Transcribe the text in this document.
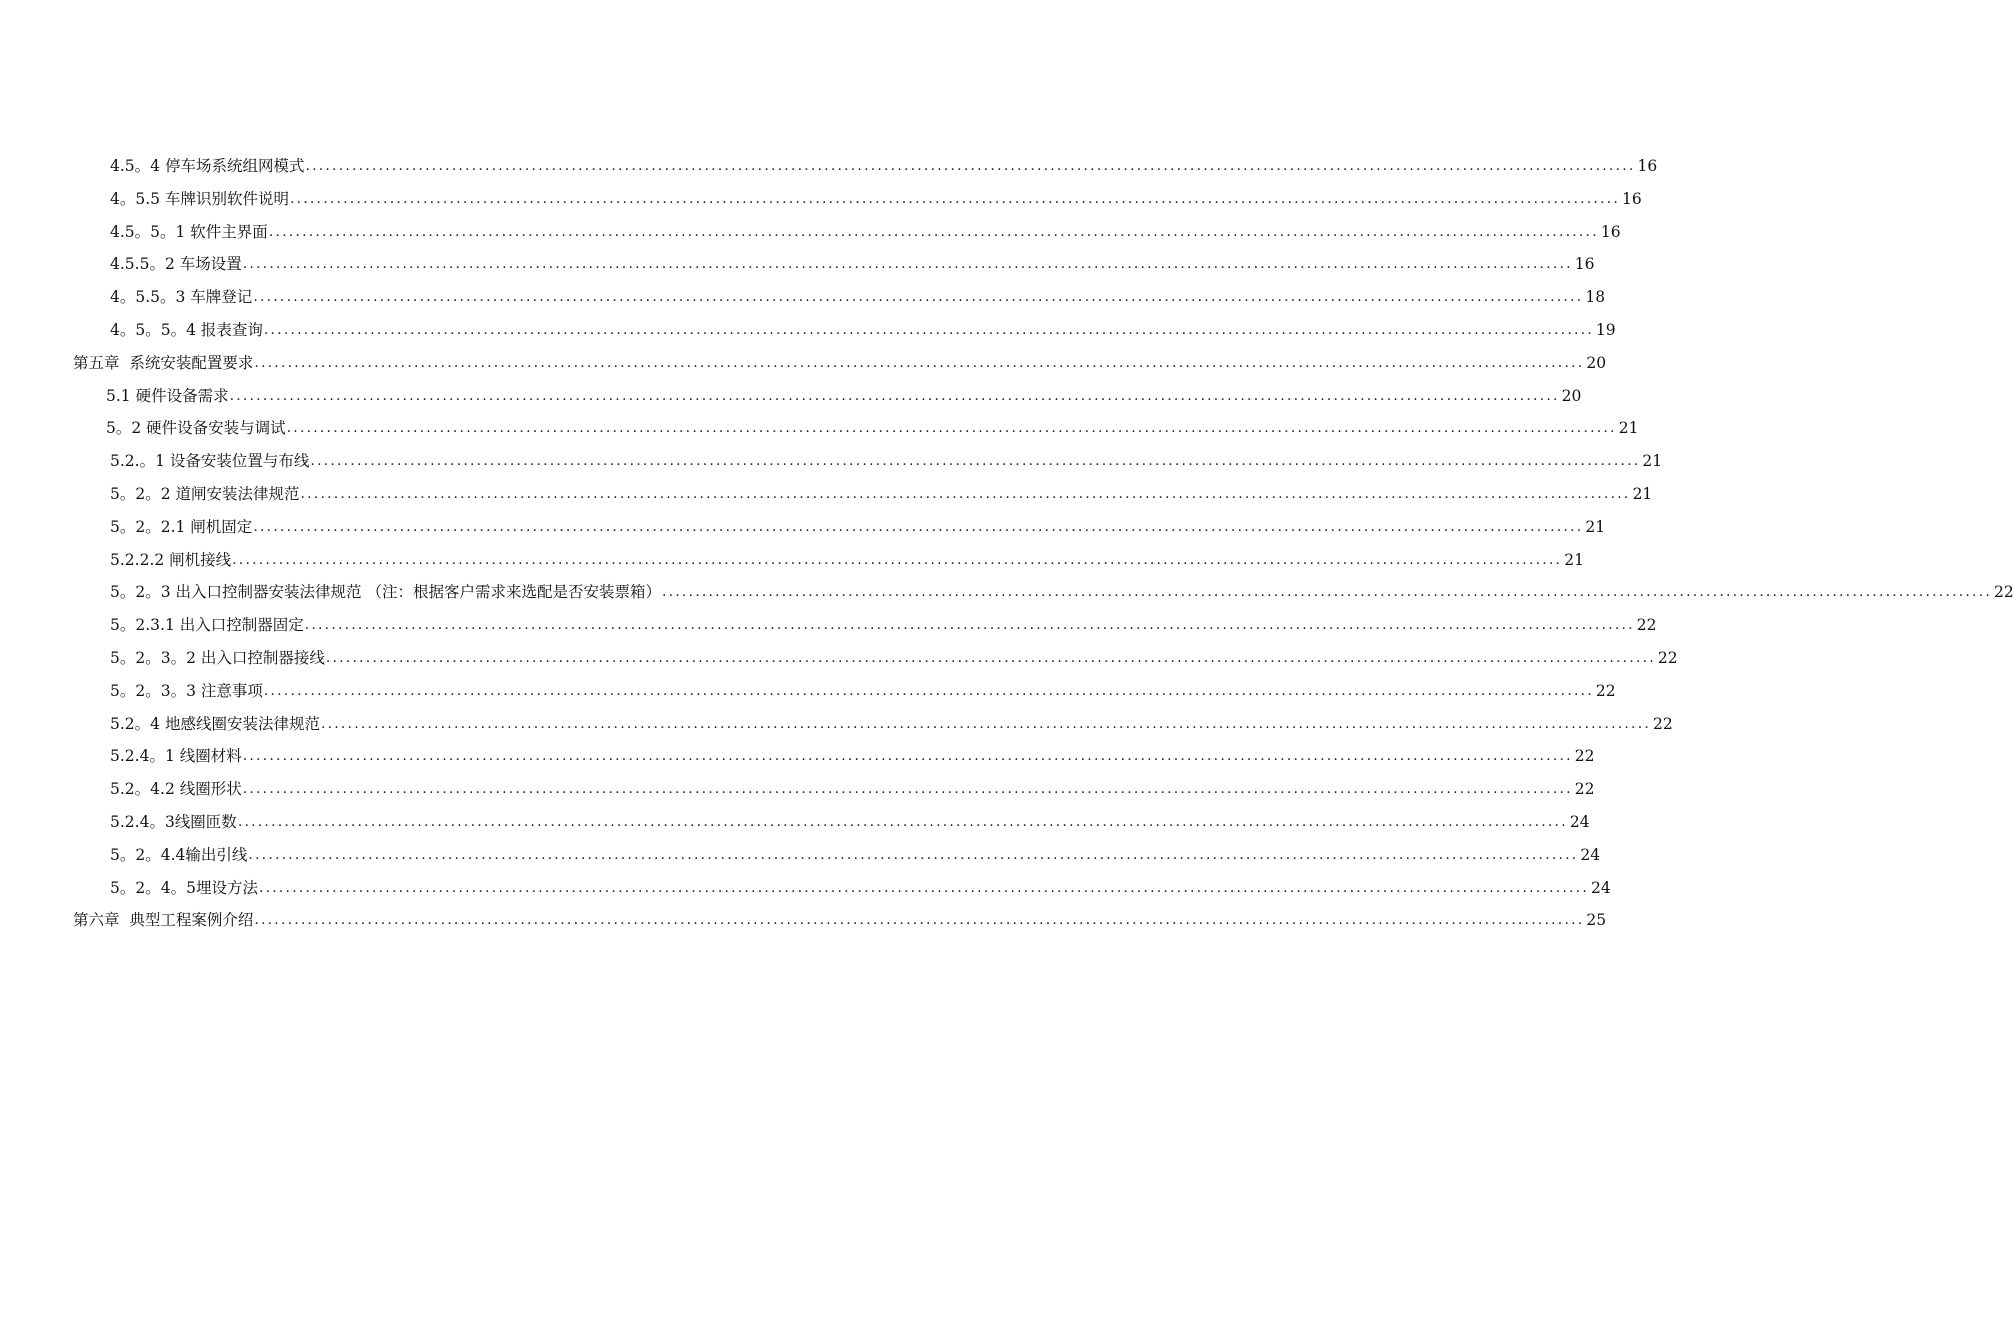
4.5。4 停车场系统组网模式 ........................................................................................................................................................................................................ 16
4。5.5 车牌识别软件说明 ........................................................................................................................................................................................................ 16
4.5。5。1 软件主界面 ........................................................................................................................................................................................................ 16
4.5.5。2 车场设置 ........................................................................................................................................................................................................ 16
4。5.5。3 车牌登记 ........................................................................................................................................................................................................ 18
4。5。5。4 报表查询 ........................................................................................................................................................................................................ 19
第五章  系统安装配置要求 ........................................................................................................................................................................................................ 20
5.1 硬件设备需求 ........................................................................................................................................................................................................ 20
5。2 硬件设备安装与调试 ........................................................................................................................................................................................................ 21
5.2.。1 设备安装位置与布线 ........................................................................................................................................................................................................ 21
5。2。2 道闸安装法律规范 ........................................................................................................................................................................................................ 21
5。2。2.1 闸机固定 ........................................................................................................................................................................................................ 21
5.2.2.2 闸机接线 ........................................................................................................................................................................................................ 21
5。2。3 出入口控制器安装法律规范 （注：根据客户需求来选配是否安装票箱） ........................................................................................................................................................................................................ 22
5。2.3.1 出入口控制器固定 ........................................................................................................................................................................................................ 22
5。2。3。2 出入口控制器接线 ........................................................................................................................................................................................................ 22
5。2。3。3 注意事项 ........................................................................................................................................................................................................ 22
5.2。4 地感线圈安装法律规范 ........................................................................................................................................................................................................ 22
5.2.4。1 线圈材料 ........................................................................................................................................................................................................ 22
5.2。4.2 线圈形状 ........................................................................................................................................................................................................ 22
5.2.4。3线圈匝数 ........................................................................................................................................................................................................ 24
5。2。4.4输出引线 ........................................................................................................................................................................................................ 24
5。2。4。5埋设方法 ........................................................................................................................................................................................................ 24
第六章  典型工程案例介绍 ........................................................................................................................................................................................................ 25
